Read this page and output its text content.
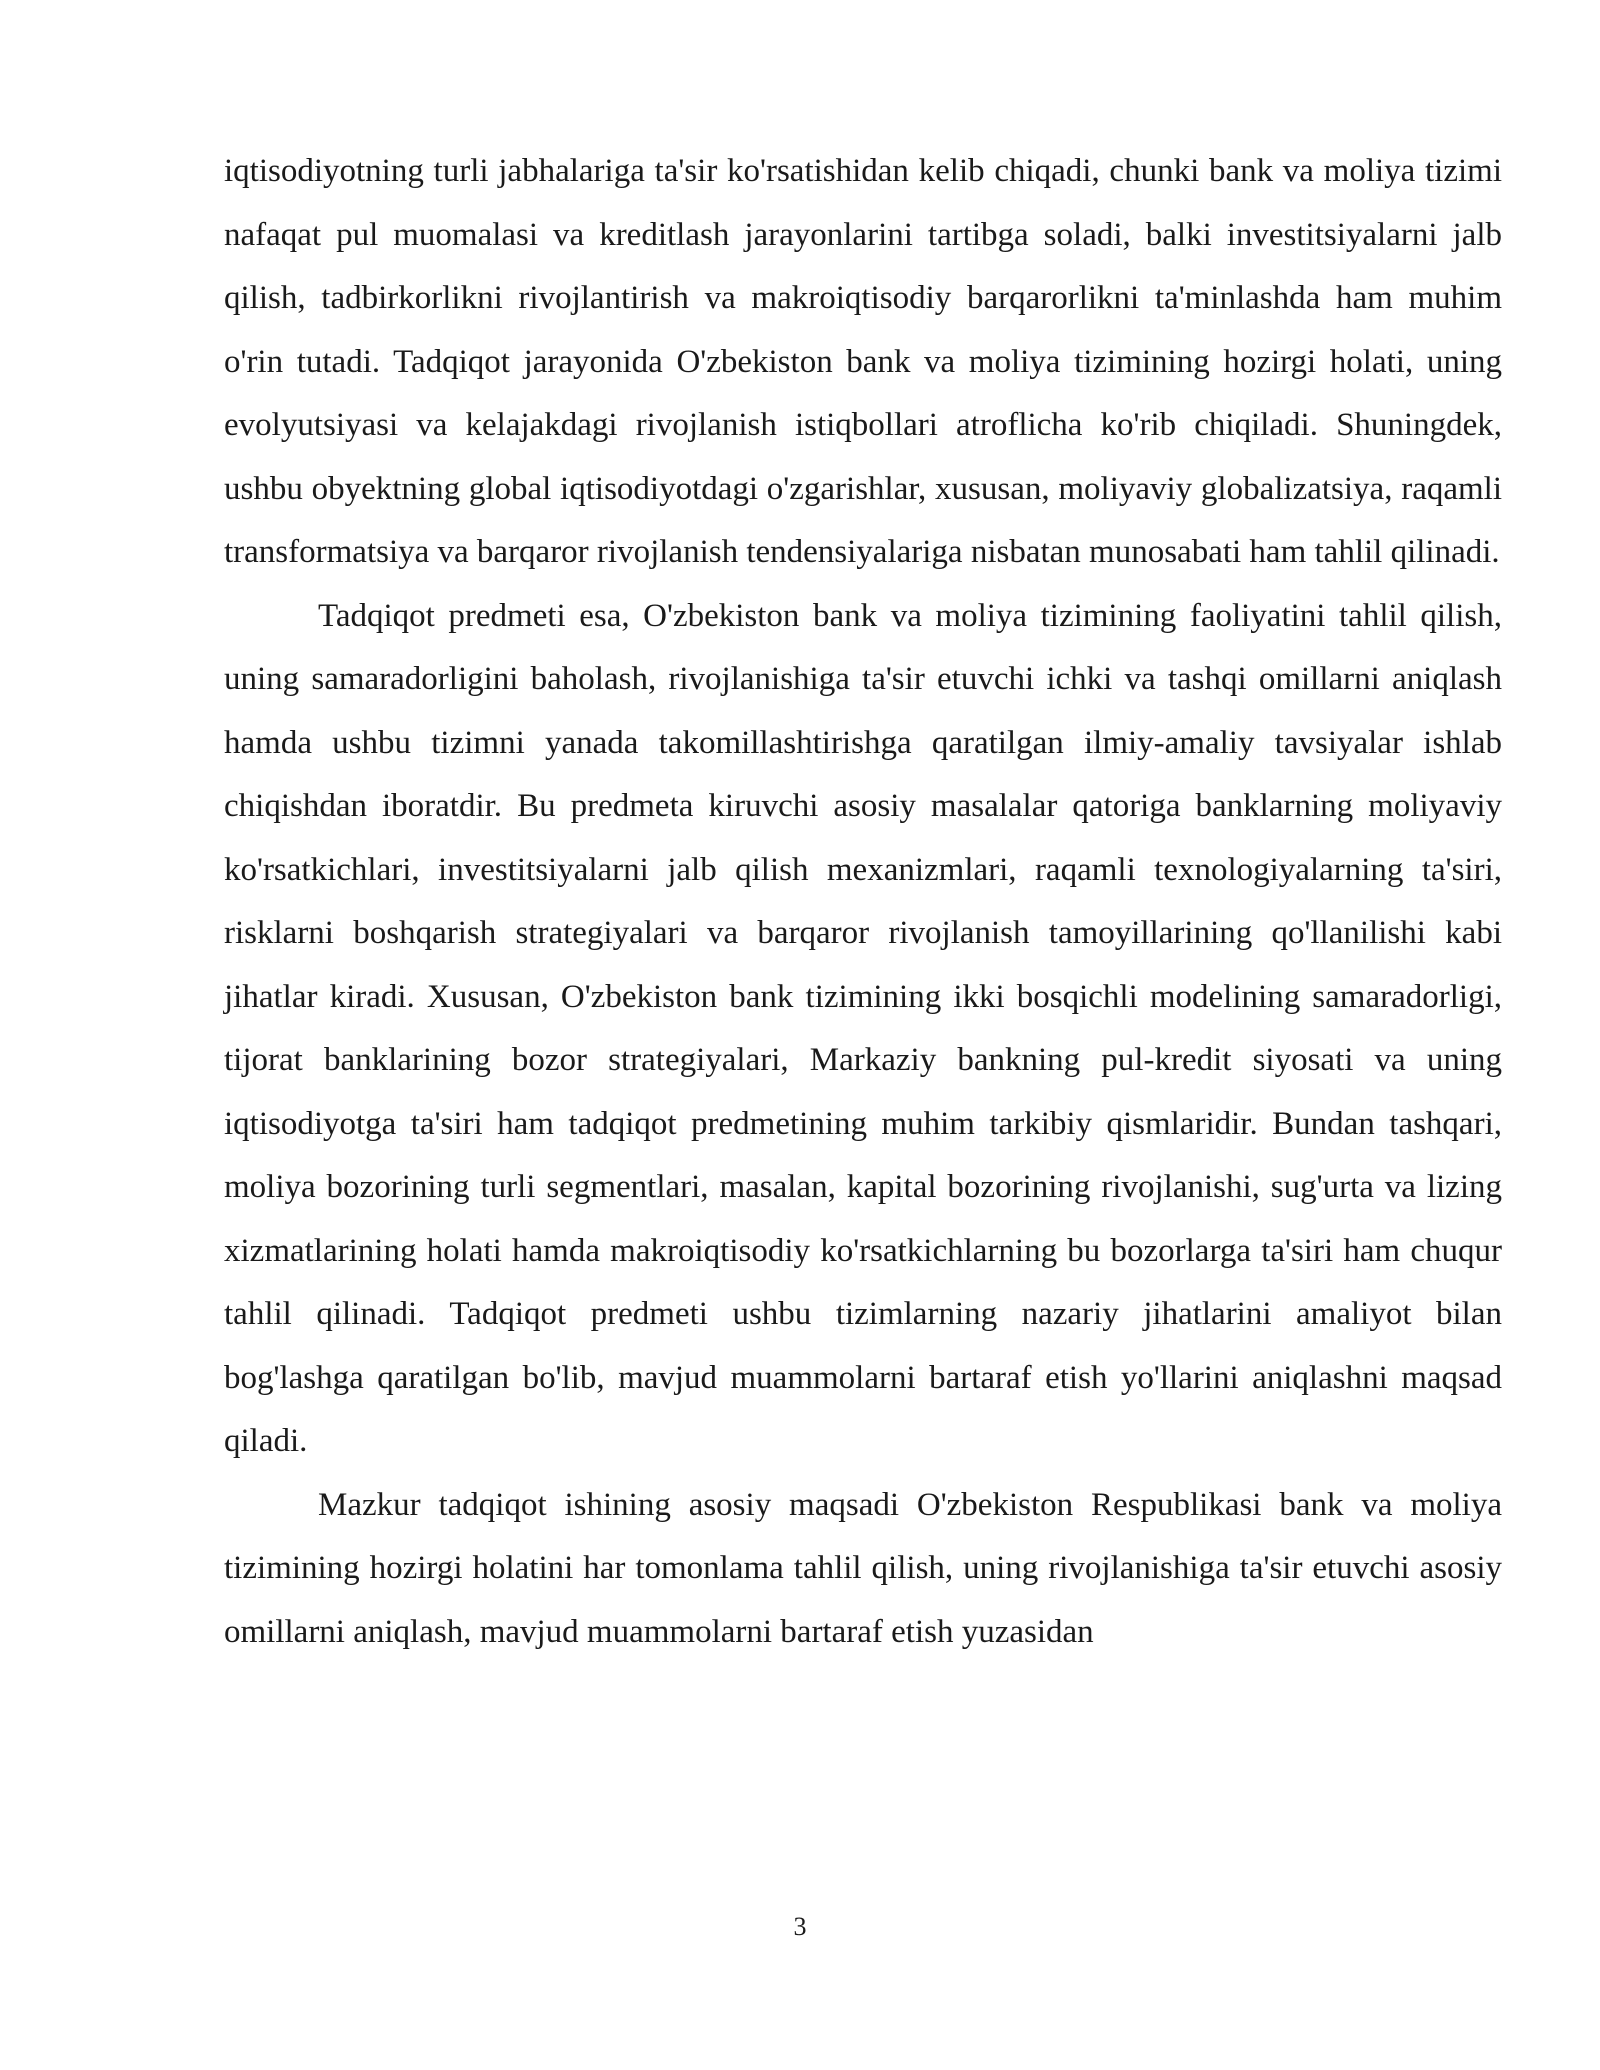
iqtisodiyotning turli jabhalariga ta'sіr ko'rsatishidan kelib chiqadi, chunki bank va moliya tizimi nafaqat pul muomalasi va kreditlash jarayonlarini tartibga soladi, balki investitsiyalarni jalb qilish, tadbirkorlikni rivojlantirish va makroiqtisodiy barqarorlikni ta'minlashda ham muhim o'rin tutadi. Tadqiqot jarayonida O'zbekiston bank va moliya tizimining hozirgi holati, uning evolyutsiyasi va kelajakdagi rivojlanish istiqbollari atroflicha ko'rib chiqiladi. Shuningdek, ushbu obyektning global iqtisodiyotdagi o'zgarishlar, xususan, moliyaviy globalizatsiya, raqamli transformatsiya va barqaror rivojlanish tendensiyalariga nisbatan munosabati ham tahlil qilinadi.

Tadqiqot predmeti esa, O'zbekiston bank va moliya tizimining faoliyatini tahlil qilish, uning samaradorligini baholash, rivojlanishiga ta'sir etuvchi ichki va tashqi omillarni aniqlash hamda ushbu tizimni yanada takomillashtirishga qaratilgan ilmiy-amaliy tavsiyalar ishlab chiqishdan iboratdir. Bu predmeta kiruvchi asosiy masalalar qatoriga banklarning moliyaviy ko'rsatkichlari, investitsiyalarni jalb qilish mexanizmlari, raqamli texnologiyalarning ta'siri, risklarni boshqarish strategiyalari va barqaror rivojlanish tamoyillarining qo'llanilishi kabi jihatlar kiradi. Xususan, O'zbekiston bank tizimining ikki bosqichli modelining samaradorligi, tijorat banklarining bozor strategiyalari, Markaziy bankning pul-kredit siyosati va uning iqtisodiyotga ta'siri ham tadqiqot predmetining muhim tarkibiy qismlaridir. Bundan tashqari, moliya bozorining turli segmentlari, masalan, kapital bozorining rivojlanishi, sug'urta va lizing xizmatlarining holati hamda makroiqtisodiy ko'rsatkichlarning bu bozorlarga ta'siri ham chuqur tahlil qilinadi. Tadqiqot predmeti ushbu tizimlarning nazariy jihatlarini amaliyot bilan bog'lashga qaratilgan bo'lib, mavjud muammolarni bartaraf etish yo'llarini aniqlashni maqsad qiladi.

Mazkur tadqiqot ishining asosiy maqsadi O'zbekiston Respublikasi bank va moliya tizimining hozirgi holatini har tomonlama tahlil qilish, uning rivojlanishiga ta'sir etuvchi asosiy omillarni aniqlash, mavjud muammolarni bartaraf etish yuzasidan

3
